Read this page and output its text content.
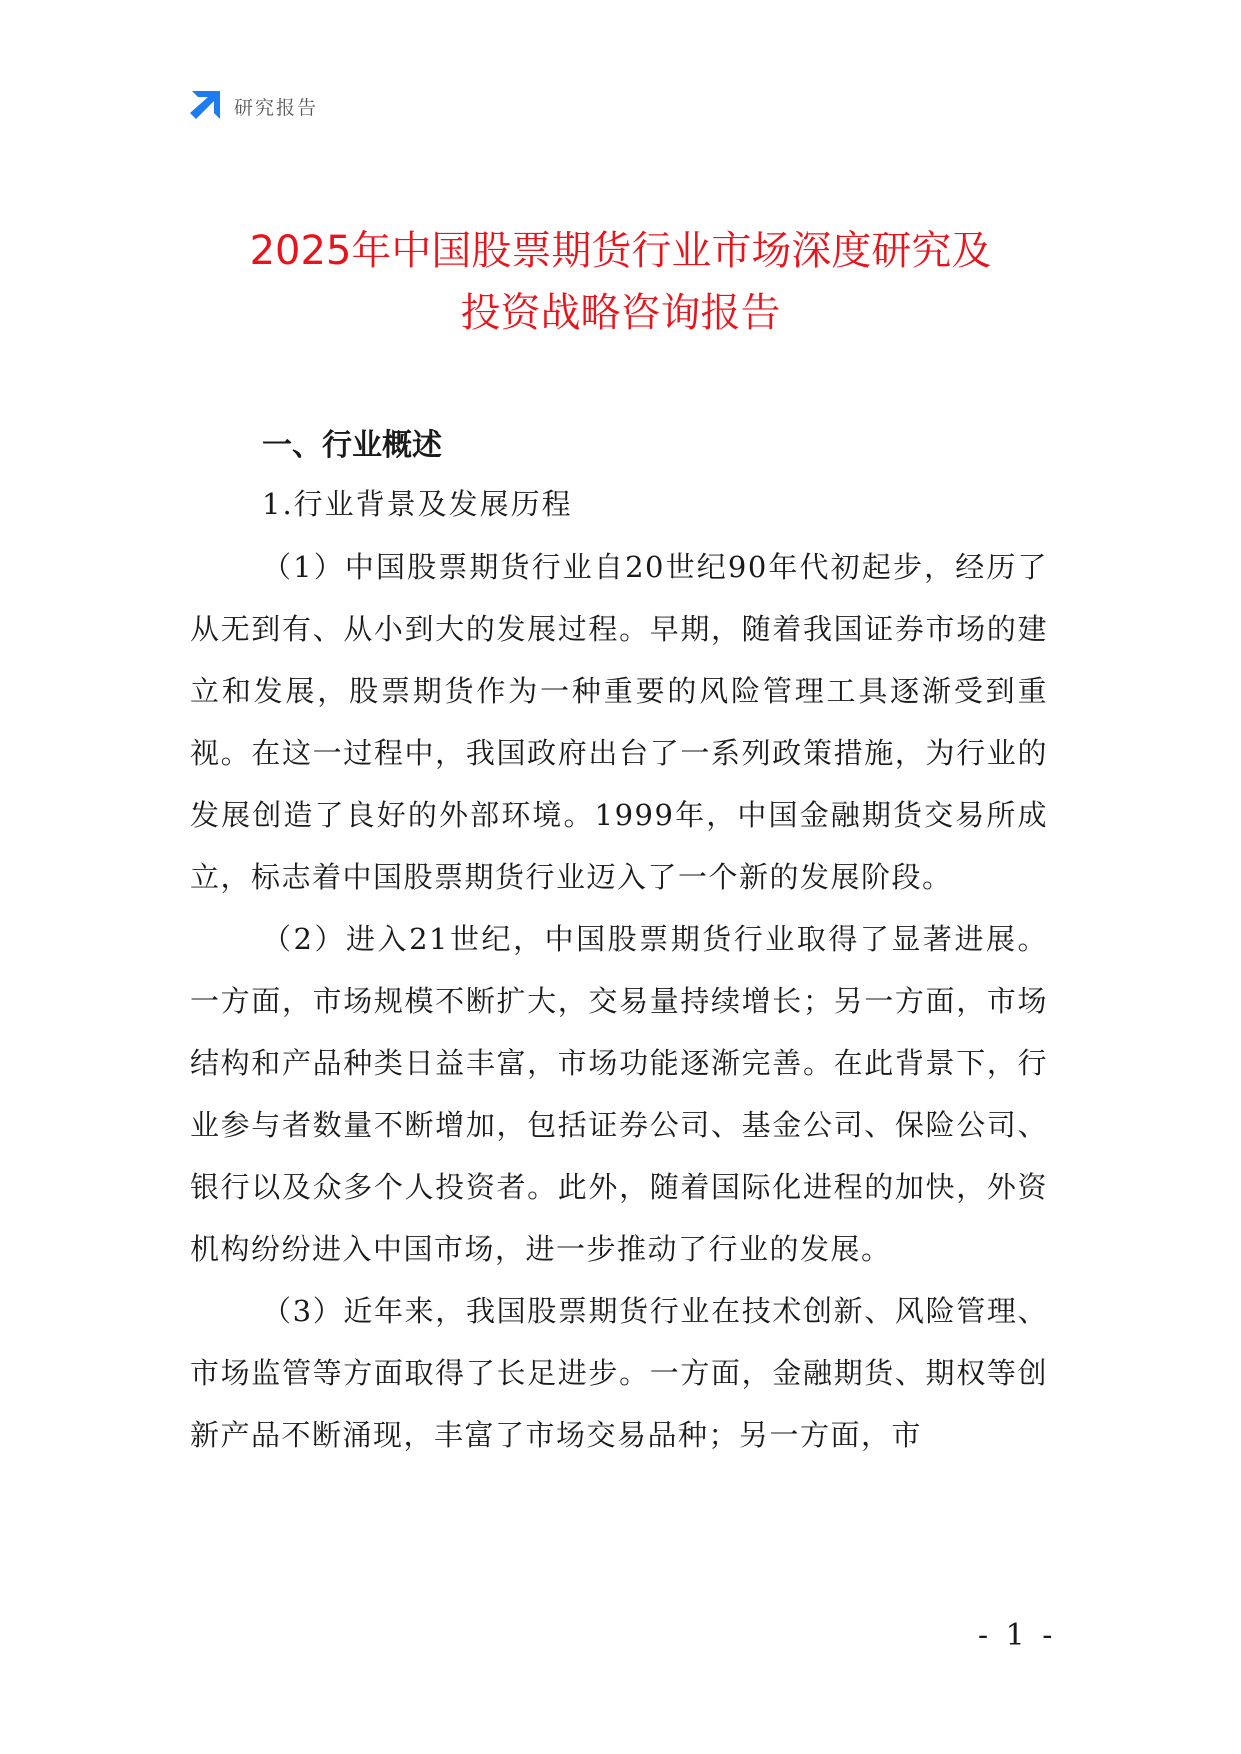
研究报告
2025年中国股票期货行业市场深度研究及
投资战略咨询报告
一、行业概述
1.行业背景及发展历程

（1）中国股票期货行业自20世纪90年代初起步，经历了从无到有、从小到大的发展过程。早期，随着我国证券市场的建立和发展，股票期货作为一种重要的风险管理工具逐渐受到重视。在这一过程中，我国政府出台了一系列政策措施，为行业的发展创造了良好的外部环境。1999年，中国金融期货交易所成立，标志着中国股票期货行业迈入了一个新的发展阶段。

（2）进入21世纪，中国股票期货行业取得了显著进展。一方面，市场规模不断扩大，交易量持续增长；另一方面，市场结构和产品种类日益丰富，市场功能逐渐完善。在此背景下，行业参与者数量不断增加，包括证券公司、基金公司、保险公司、银行以及众多个人投资者。此外，随着国际化进程的加快，外资机构纷纷进入中国市场，进一步推动了行业的发展。

（3）近年来，我国股票期货行业在技术创新、风险管理、市场监管等方面取得了长足进步。一方面，金融期货、期权等创新产品不断涌现，丰富了市场交易品种；另一方面，市

- 1 -
